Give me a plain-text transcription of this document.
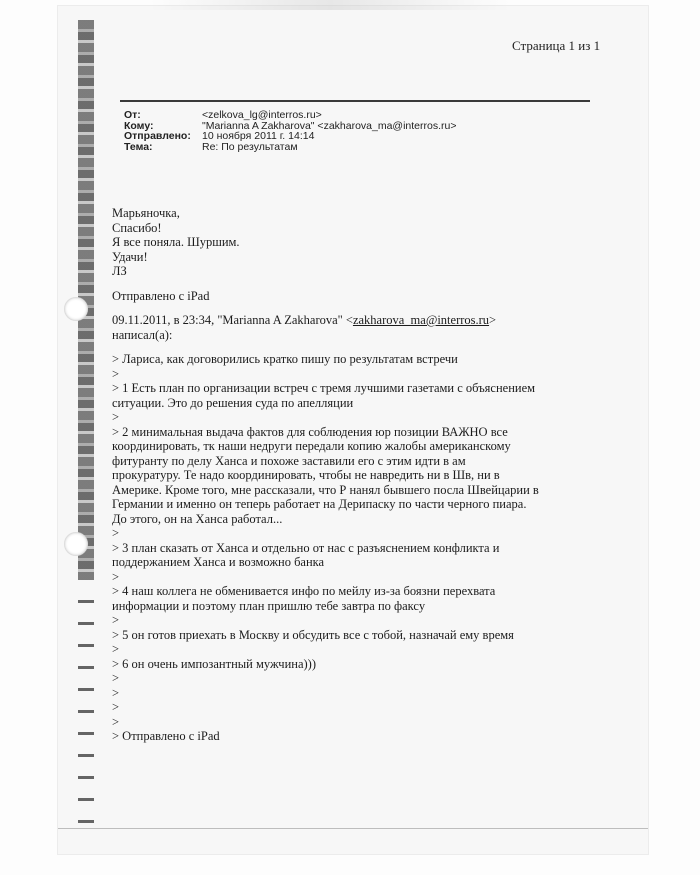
Страница 1 из 1
От:	<zelkova_lg@interros.ru>
Кому:	"Marianna A Zakharova" <zakharova_ma@interros.ru>
Отправлено:	10 ноября 2011 г. 14:14
Тема:	Re: По результатам
Марьяночка,
Спасибо!
Я все поняла. Шуршим.
Удачи!
ЛЗ
Отправлено с iPad
09.11.2011, в 23:34, "Marianna A Zakharova" <zakharova_ma@interros.ru>
написал(а):
> Лариса, как договорились кратко пишу по результатам встречи
>
> 1 Есть план по организации встреч с тремя лучшими газетами с объяснением
ситуации. Это до решения суда по апелляции
>
> 2 минимальная выдача фактов для соблюдения юр позиции ВАЖНО все
координировать, тк наши недруги передали копию жалобы американскому
фитуранту по делу Ханса и похоже заставили его с этим идти в ам
прокуратуру. Те надо координировать, чтобы не навредить ни в Шв, ни в
Америке. Кроме того, мне рассказали, что Р нанял бывшего посла Швейцарии в
Германии и именно он теперь работает на Дерипаску по части черного пиара.
До этого, он на Ханса работал...
>
> 3 план сказать от Ханса и отдельно от нас с разъяснением конфликта и
поддержанием Ханса и возможно банка
>
> 4 наш коллега не обменивается инфо по мейлу из-за боязни перехвата
информации и поэтому план пришлю тебе завтра по факсу
>
> 5 он готов приехать в Москву и обсудить все с тобой, назначай ему время
>
> 6 он очень импозантный мужчина)))
>
>
>
>
> Отправлено с iPad
